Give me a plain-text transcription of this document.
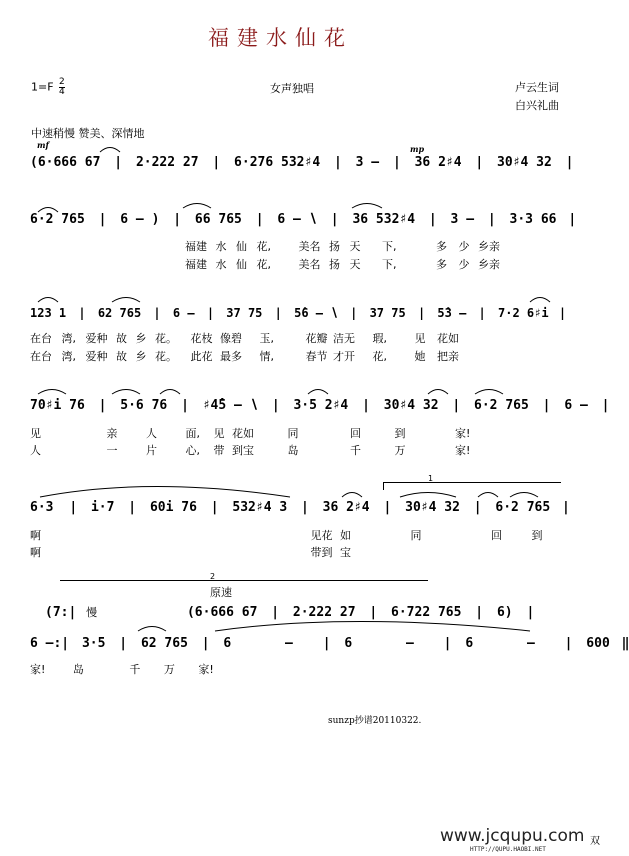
福建水仙花
$1=F \frac{2}{4}$	女声独唱	卢云生词
白兴礼曲
中速稍慢 赞美、深情地
mf	mp
(6·666 67 | 2·222 27 | 6·276 532♯4 | 3 – | 36 2♯4 | 30♯4 32 |
6·2 765 | 6 – ) | 66 765 | 6 – ∖ | 36 532♯4 | 3 – | 3·3 66 |
福建 水 仙 花,	美名 扬 天 下,	多 少 乡亲
福建 水 仙 花,	美名 扬 天 下,	多 少 乡亲
123 1 | 62 765 | 6 – | 37 75 | 5̂6 – ∖ | 37 75 | 5̂3 – | 7·2 6♯i |
在台 湾, 爱种 故 乡 花。 花枝 像碧 玉,	花瓣 洁无 瑕,	见 花如
在台 湾, 爱种 故 乡 花。 此花 最多 情,	春节 才开 花,	她 把亲
70♯i 76 | 5·6 76 | ♯4̂5 – ∖ | 3·5 2♯4 | 30♯4 32 | 6·2 765 | 6 – |
见	亲	人	面, 见 花如	同	回	到	家!
人	一	片	心, 带 到宝	岛	千	万	家!
1
6·3 | i·7 | 60i 76 | 532♯4 3 | 36 2♯4 | 30♯4 32 | 6·2 765 |
啊	见花 如	同	回	到
啊	带到 宝
2
原速
(7:| 慢	(6·666 67 | 2·222 27 | 6·722 765 | 6) |
6 –:| 3·5 | 62 765 | 6	– | 6	– | 6	– | 600 ‖
家!	岛	千 万 家!
sunzp抄谱20110322.
www.jcqupu.com 双
HTTP://QUPU.HAOBI.NET
